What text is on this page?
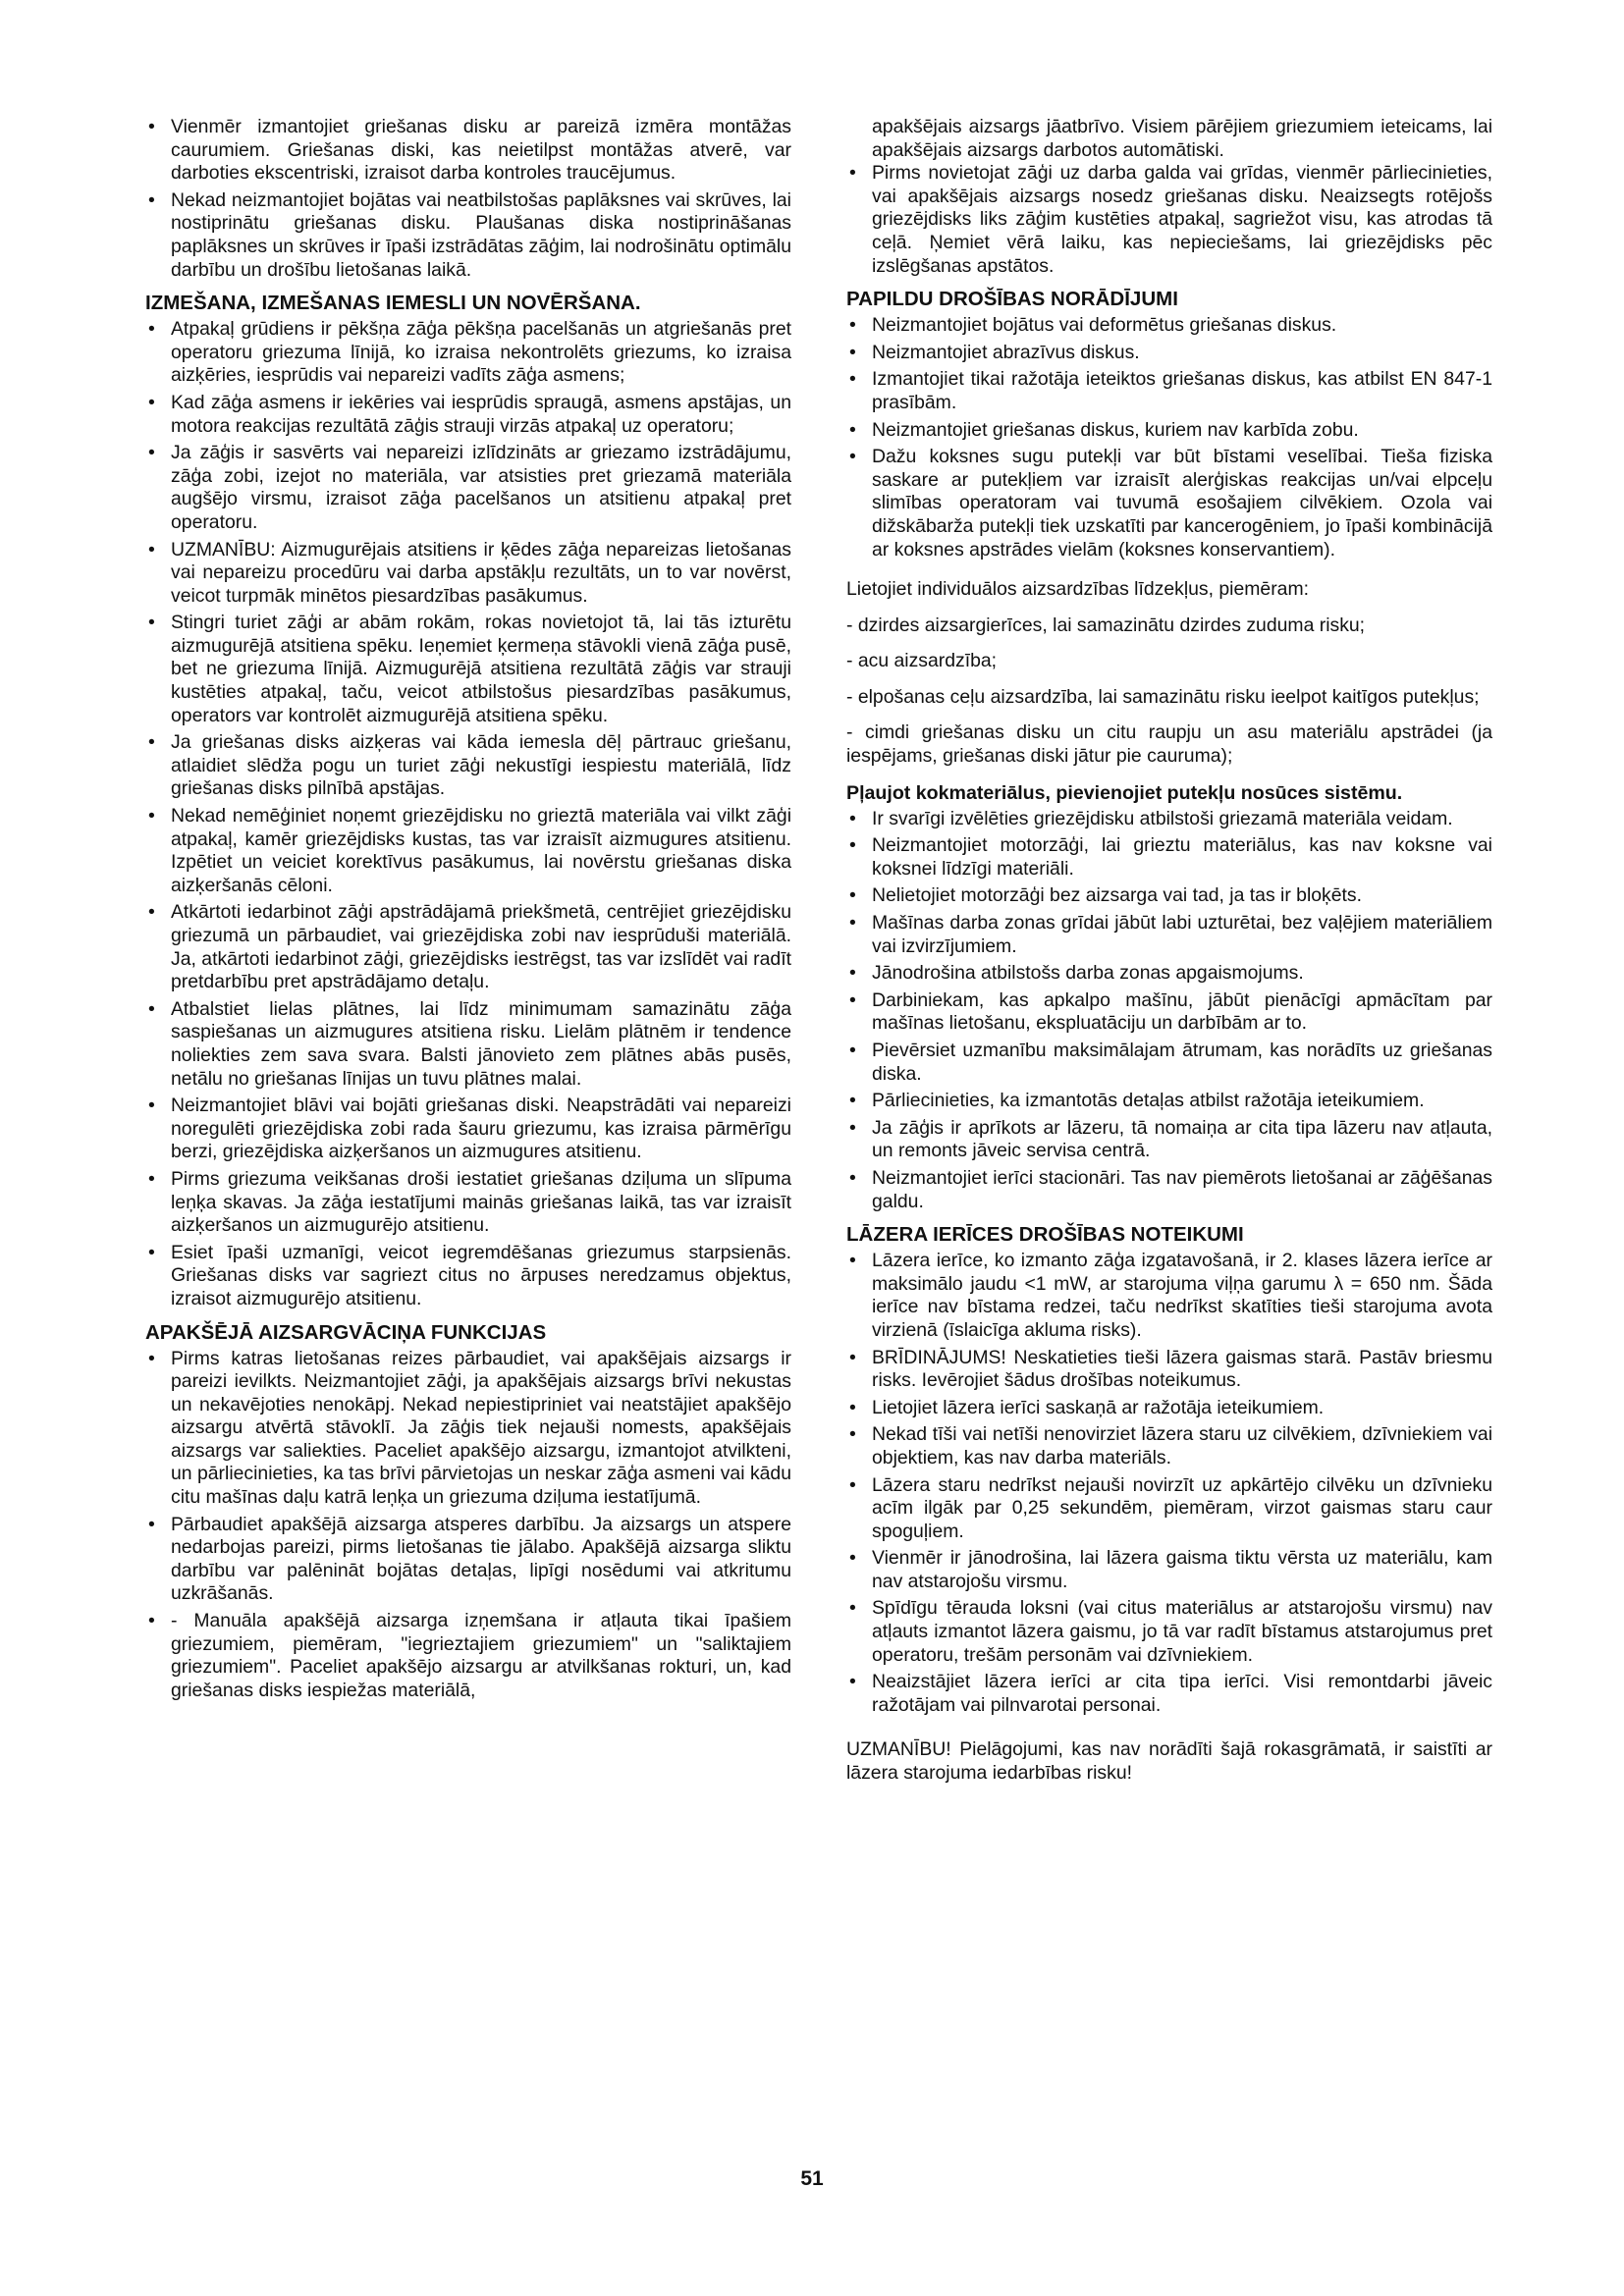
• Vienmēr izmantojiet griešanas disku ar pareizā izmēra montāžas caurumiem. Griešanas diski, kas neietilpst montāžas atverē, var darboties ekscentriski, izraisot darba kontroles traucējumus.
• Nekad neizmantojiet bojātas vai neatbilstošas paplāksnes vai skrūves, lai nostiprinātu griešanas disku. Plaušanas diska nostiprināšanas paplāksnes un skrūves ir īpaši izstrādātas zāģim, lai nodrošinātu optimālu darbību un drošību lietošanas laikā.
IZMEŠANA, IZMEŠANAS IEMESLI UN NOVĒRŠANA.
• Atpakaļ grūdiens ir pēkšņa zāģa pēkšņa pacelšanās un atgriešanās pret operatoru griezuma līnijā, ko izraisa nekontrolēts griezums, ko izraisa aizķēries, iesprūdis vai nepareizi vadīts zāģa asmens;
• Kad zāģa asmens ir iekēries vai iesprūdis spraugā, asmens apstājas, un motora reakcijas rezultātā zāģis strauji virzās atpakaļ uz operatoru;
• Ja zāģis ir sasvērts vai nepareizi izlīdzināts ar griezamo izstrādājumu, zāģa zobi, izejot no materiāla, var atsisties pret griezamā materiāla augšējo virsmu, izraisot zāģa pacelšanos un atsitienu atpakaļ pret operatoru.
• UZMANĪBU: Aizmugurējais atsitiens ir ķēdes zāģa nepareizas lietošanas vai nepareizu procedūru vai darba apstākļu rezultāts, un to var novērst, veicot turpmāk minētos piesardzības pasākumus.
• Stingri turiet zāģi ar abām rokām, rokas novietojot tā, lai tās izturētu aizmugurējā atsitiena spēku. Ieņemiet ķermeņa stāvokli vienā zāģa pusē, bet ne griezuma līnijā. Aizmugurējā atsitiena rezultātā zāģis var strauji kustēties atpakaļ, taču, veicot atbilstošus piesardzības pasākumus, operators var kontrolēt aizmugurējā atsitiena spēku.
• Ja griešanas disks aizķeras vai kāda iemesla dēļ pārtrauc griešanu, atlaidiet slēdža pogu un turiet zāģi nekustīgi iespiestu materiālā, līdz griešanas disks pilnībā apstājas.
• Nekad nemēģiniet noņemt griezējdisku no grieztā materiāla vai vilkt zāģi atpakaļ, kamēr griezējdisks kustas, tas var izraisīt aizmugures atsitienu. Izpētiet un veiciet korektīvus pasākumus, lai novērstu griešanas diska aizķeršanās cēloni.
• Atkārtoti iedarbinot zāģi apstrādājamā priekšmetā, centrējiet griezējdisku griezumā un pārbaudiet, vai griezējdiska zobi nav iesprūduši materiālā. Ja, atkārtoti iedarbinot zāģi, griezējdisks iestrēgst, tas var izslīdēt vai radīt pretdarbību pret apstrādājamo detaļu.
• Atbalstiet lielas plātnes, lai līdz minimumam samazinātu zāģa saspiešanas un aizmugures atsitiena risku. Lielām plātnēm ir tendence noliekties zem sava svara. Balsti jānovieto zem plātnes abās pusēs, netālu no griešanas līnijas un tuvu plātnes malai.
• Neizmantojiet blāvi vai bojāti griešanas diski. Neapstrādāti vai nepareizi noregulēti griezējdiska zobi rada šauru griezumu, kas izraisa pārmērīgu berzi, griezējdiska aizķeršanos un aizmugures atsitienu.
• Pirms griezuma veikšanas droši iestatiet griešanas dziļuma un slīpuma leņķa skavas. Ja zāģa iestatījumi mainās griešanas laikā, tas var izraisīt aizķeršanos un aizmugurējo atsitienu.
• Esiet īpaši uzmanīgi, veicot iegremdēšanas griezumus starpsienās. Griešanas disks var sagriezt citus no ārpuses neredzamus objektus, izraisot aizmugurējo atsitienu.
APAKŠĒJĀ AIZSARGVĀCIŅA FUNKCIJAS
• Pirms katras lietošanas reizes pārbaudiet, vai apakšējais aizsargs ir pareizi ievilkts. Neizmantojiet zāģi, ja apakšējais aizsargs brīvi nekustas un nekavējoties nenokāpj. Nekad nepiestipriniet vai neatstājiet apakšējo aizsargu atvērtā stāvoklī. Ja zāģis tiek nejauši nomests, apakšējais aizsargs var saliekties. Paceliet apakšējo aizsargu, izmantojot atvilkteni, un pārliecinieties, ka tas brīvi pārvietojas un neskar zāģa asmeni vai kādu citu mašīnas daļu katrā leņķa un griezuma dziļuma iestatījumā.
• Pārbaudiet apakšējā aizsarga atsperes darbību. Ja aizsargs un atspere nedarbojas pareizi, pirms lietošanas tie jālabo. Apakšējā aizsarga sliktu darbību var palēnināt bojātas detaļas, lipīgi nosēdumi vai atkritumu uzkrāšanās.
• - Manuāla apakšējā aizsarga izņemšana ir atļauta tikai īpašiem griezumiem, piemēram, "iegrieztajiem griezumiem" un "saliktajiem griezumiem". Paceliet apakšējo aizsargu ar atvilkšanas rokturi, un, kad griešanas disks iespiežas materiālā,

apakšējais aizsargs jāatbrīvo. Visiem pārējiem griezumiem ieteicams, lai apakšējais aizsargs darbotos automātiski.

• Pirms novietojat zāģi uz darba galda vai grīdas, vienmēr pārliecinieties, vai apakšējais aizsargs nosedz griešanas disku. Neaizsegts rotējošs griezējdisks liks zāģim kustēties atpakaļ, sagriežot visu, kas atrodas tā ceļā. Ņemiet vērā laiku, kas nepieciešams, lai griezējdisks pēc izslēgšanas apstātos.
PAPILDU DROŠĪBAS NORĀDĪJUMI
• Neizmantojiet bojātus vai deformētus griešanas diskus.
• Neizmantojiet abrazīvus diskus.
• Izmantojiet tikai ražotāja ieteiktos griešanas diskus, kas atbilst EN 847-1 prasībām.
• Neizmantojiet griešanas diskus, kuriem nav karbīda zobu.
• Dažu koksnes sugu putekļi var būt bīstami veselībai. Tieša fiziska saskare ar putekļiem var izraisīt alerģiskas reakcijas un/vai elpceļu slimības operatoram vai tuvumā esošajiem cilvēkiem. Ozola vai dižskābarža putekļi tiek uzskatīti par kancerogēniem, jo īpaši kombinācijā ar koksnes apstrādes vielām (koksnes konservantiem).

Lietojiet individuālos aizsardzības līdzekļus, piemēram:

- dzirdes aizsargierīces, lai samazinātu dzirdes zuduma risku;

- acu aizsardzība;

- elpošanas ceļu aizsardzība, lai samazinātu risku ieelpot kaitīgos putekļus;

- cimdi griešanas disku un citu raupju un asu materiālu apstrādei (ja iespējams, griešanas diski jātur pie cauruma);

Pļaujot kokmateriālus, pievienojiet putekļu nosūces sistēmu.
• Ir svarīgi izvēlēties griezējdisku atbilstoši griezamā materiāla veidam.
• Neizmantojiet motorzāģi, lai grieztu materiālus, kas nav koksne vai koksnei līdzīgi materiāli.
• Nelietojiet motorzāģi bez aizsarga vai tad, ja tas ir bloķēts.
• Mašīnas darba zonas grīdai jābūt labi uzturētai, bez vaļējiem materiāliem vai izvirzījumiem.
• Jānodrošina atbilstošs darba zonas apgaismojums.
• Darbiniekam, kas apkalpo mašīnu, jābūt pienācīgi apmācītam par mašīnas lietošanu, ekspluatāciju un darbībām ar to.
• Pievērsiet uzmanību maksimālajam ātrumam, kas norādīts uz griešanas diska.
• Pārliecinieties, ka izmantotās detaļas atbilst ražotāja ieteikumiem.
• Ja zāģis ir aprīkots ar lāzeru, tā nomaiņa ar cita tipa lāzeru nav atļauta, un remonts jāveic servisa centrā.
• Neizmantojiet ierīci stacionāri. Tas nav piemērots lietošanai ar zāģēšanas galdu.
LĀZERA IERĪCES DROŠĪBAS NOTEIKUMI
• Lāzera ierīce, ko izmanto zāģa izgatavošanā, ir 2. klases lāzera ierīce ar maksimālo jaudu <1 mW, ar starojuma viļņa garumu λ = 650 nm. Šāda ierīce nav bīstama redzei, taču nedrīkst skatīties tieši starojuma avota virzienā (īslaicīga akluma risks).
• BRĪDINĀJUMS! Neskatieties tieši lāzera gaismas starā. Pastāv briesmu risks. Ievērojiet šādus drošības noteikumus.
• Lietojiet lāzera ierīci saskaņā ar ražotāja ieteikumiem.
• Nekad tīši vai netīši nenovirziet lāzera staru uz cilvēkiem, dzīvniekiem vai objektiem, kas nav darba materiāls.
• Lāzera staru nedrīkst nejauši novirzīt uz apkārtējo cilvēku un dzīvnieku acīm ilgāk par 0,25 sekundēm, piemēram, virzot gaismas staru caur spoguļiem.
• Vienmēr ir jānodrošina, lai lāzera gaisma tiktu vērsta uz materiālu, kam nav atstarojošu virsmu.
• Spīdīgu tērauda loksni (vai citus materiālus ar atstarojošu virsmu) nav atļauts izmantot lāzera gaismu, jo tā var radīt bīstamus atstarojumus pret operatoru, trešām personām vai dzīvniekiem.
• Neaizstājiet lāzera ierīci ar cita tipa ierīci. Visi remontdarbi jāveic ražotājam vai pilnvarotai personai.

UZMANĪBU! Pielāgojumi, kas nav norādīti šajā rokasgrāmatā, ir saistīti ar lāzera starojuma iedarbības risku!

51
